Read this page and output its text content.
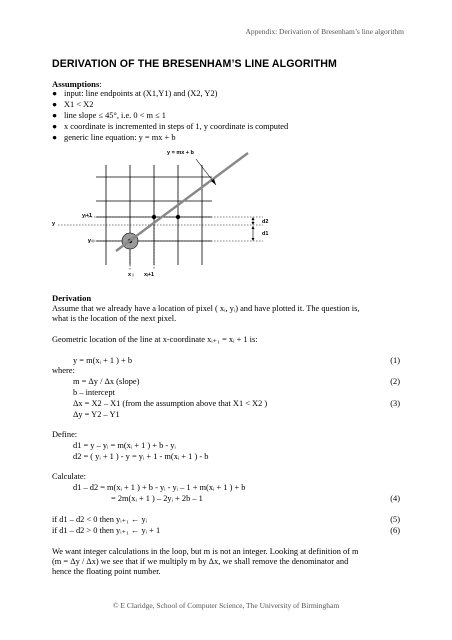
Appendix: Derivation of Bresenham’s line algorithm
DERIVATION OF THE BRESENHAM’S LINE ALGORITHM
Assumptions:
● input: line endpoints at (X1,Y1) and (X2, Y2)
● X1 < X2
● line slope ≤ 45°, i.e. 0 < m ≤ 1
● x coordinate is incremented in steps of 1, y coordinate is computed
● generic line equation: y = mx + b
y = mx + b
yᵢ+1
y
y ᵢ
x ᵢ xᵢ+1
d2
d1
Derivation
Assume that we already have a location of pixel ( xᵢ, yᵢ) and have plotted it. The question is,
what is the location of the next pixel.
Geometric location of the line at x-coordinate xᵢ₊₁ = xᵢ + 1 is:
y = m(xᵢ + 1 ) + b	(1)
where:
m = Δy / Δx (slope)	(2)
b – intercept
Δx = X2 – X1 (from the assumption above that X1 < X2 )	(3)
Δy = Y2 – Y1
Define:
d1 = y – yᵢ = m(xᵢ + 1 ) + b - yᵢ
d2 = ( yᵢ + 1 ) - y = yᵢ + 1 - m(xᵢ + 1 ) - b
Calculate:
d1 – d2 = m(xᵢ + 1 ) + b - yᵢ - yᵢ – 1 + m(xᵢ + 1 ) + b
= 2m(xᵢ + 1 ) – 2yᵢ + 2b – 1	(4)
if d1 – d2 < 0 then yᵢ₊₁ ← yᵢ	(5)
if d1 – d2 > 0 then yᵢ₊₁ ← yᵢ + 1	(6)
We want integer calculations in the loop, but m is not an integer. Looking at definition of m
(m = Δy / Δx) we see that if we multiply m by Δx, we shall remove the denominator and
hence the floating point number.
© E Claridge, School of Computer Science, The University of Birmingham
